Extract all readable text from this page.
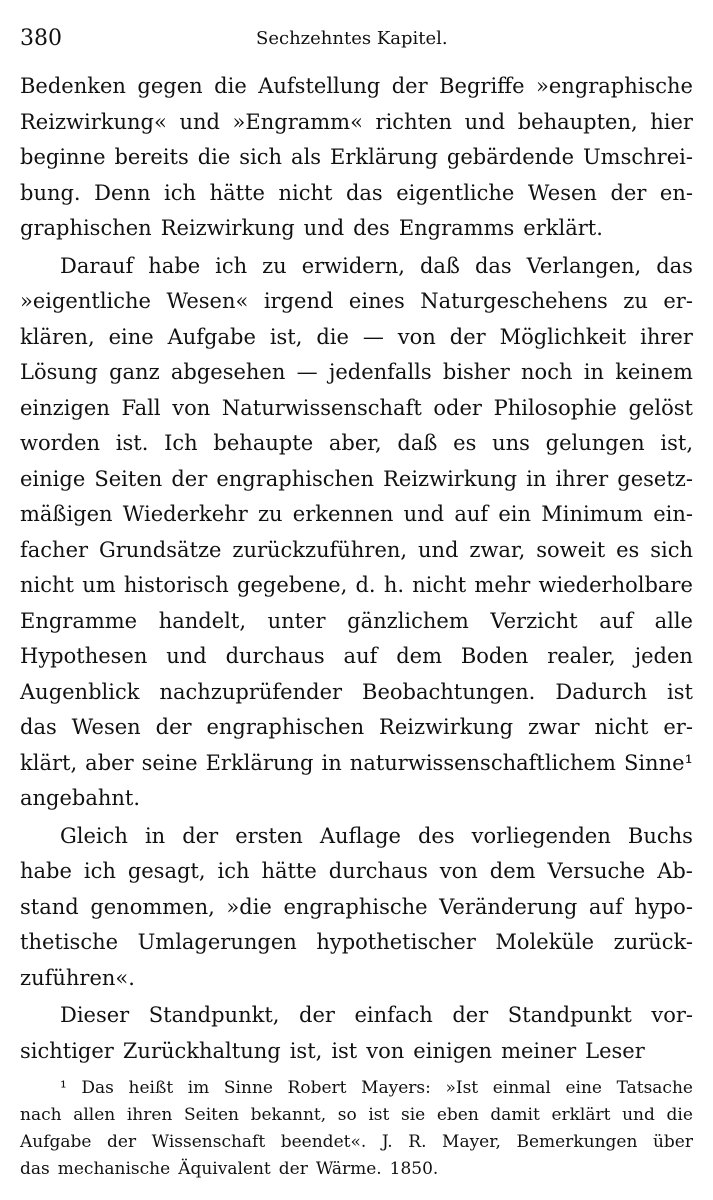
380	Sechzehntes Kapitel.
Bedenken gegen die Aufstellung der Begriffe »engraphische
Reizwirkung« und »Engramm« richten und behaupten, hier
beginne bereits die sich als Erklärung gebärdende Umschrei-
bung. Denn ich hätte nicht das eigentliche Wesen der en-
graphischen Reizwirkung und des Engramms erklärt.
Darauf habe ich zu erwidern, daß das Verlangen, das
»eigentliche Wesen« irgend eines Naturgeschehens zu er-
klären, eine Aufgabe ist, die — von der Möglichkeit ihrer
Lösung ganz abgesehen — jedenfalls bisher noch in keinem
einzigen Fall von Naturwissenschaft oder Philosophie gelöst
worden ist. Ich behaupte aber, daß es uns gelungen ist,
einige Seiten der engraphischen Reizwirkung in ihrer gesetz-
mäßigen Wiederkehr zu erkennen und auf ein Minimum ein-
facher Grundsätze zurückzuführen, und zwar, soweit es sich
nicht um historisch gegebene, d. h. nicht mehr wiederholbare
Engramme handelt, unter gänzlichem Verzicht auf alle
Hypothesen und durchaus auf dem Boden realer, jeden
Augenblick nachzuprüfender Beobachtungen. Dadurch ist
das Wesen der engraphischen Reizwirkung zwar nicht er-
klärt, aber seine Erklärung in naturwissenschaftlichem Sinne¹
angebahnt.
Gleich in der ersten Auflage des vorliegenden Buchs
habe ich gesagt, ich hätte durchaus von dem Versuche Ab-
stand genommen, »die engraphische Veränderung auf hypo-
thetische Umlagerungen hypothetischer Moleküle zurück-
zuführen«.
Dieser Standpunkt, der einfach der Standpunkt vor-
sichtiger Zurückhaltung ist, ist von einigen meiner Leser
¹ Das heißt im Sinne Robert Mayers: »Ist einmal eine Tatsache
nach allen ihren Seiten bekannt, so ist sie eben damit erklärt und die
Aufgabe der Wissenschaft beendet«. J. R. Mayer, Bemerkungen über
das mechanische Äquivalent der Wärme. 1850.
